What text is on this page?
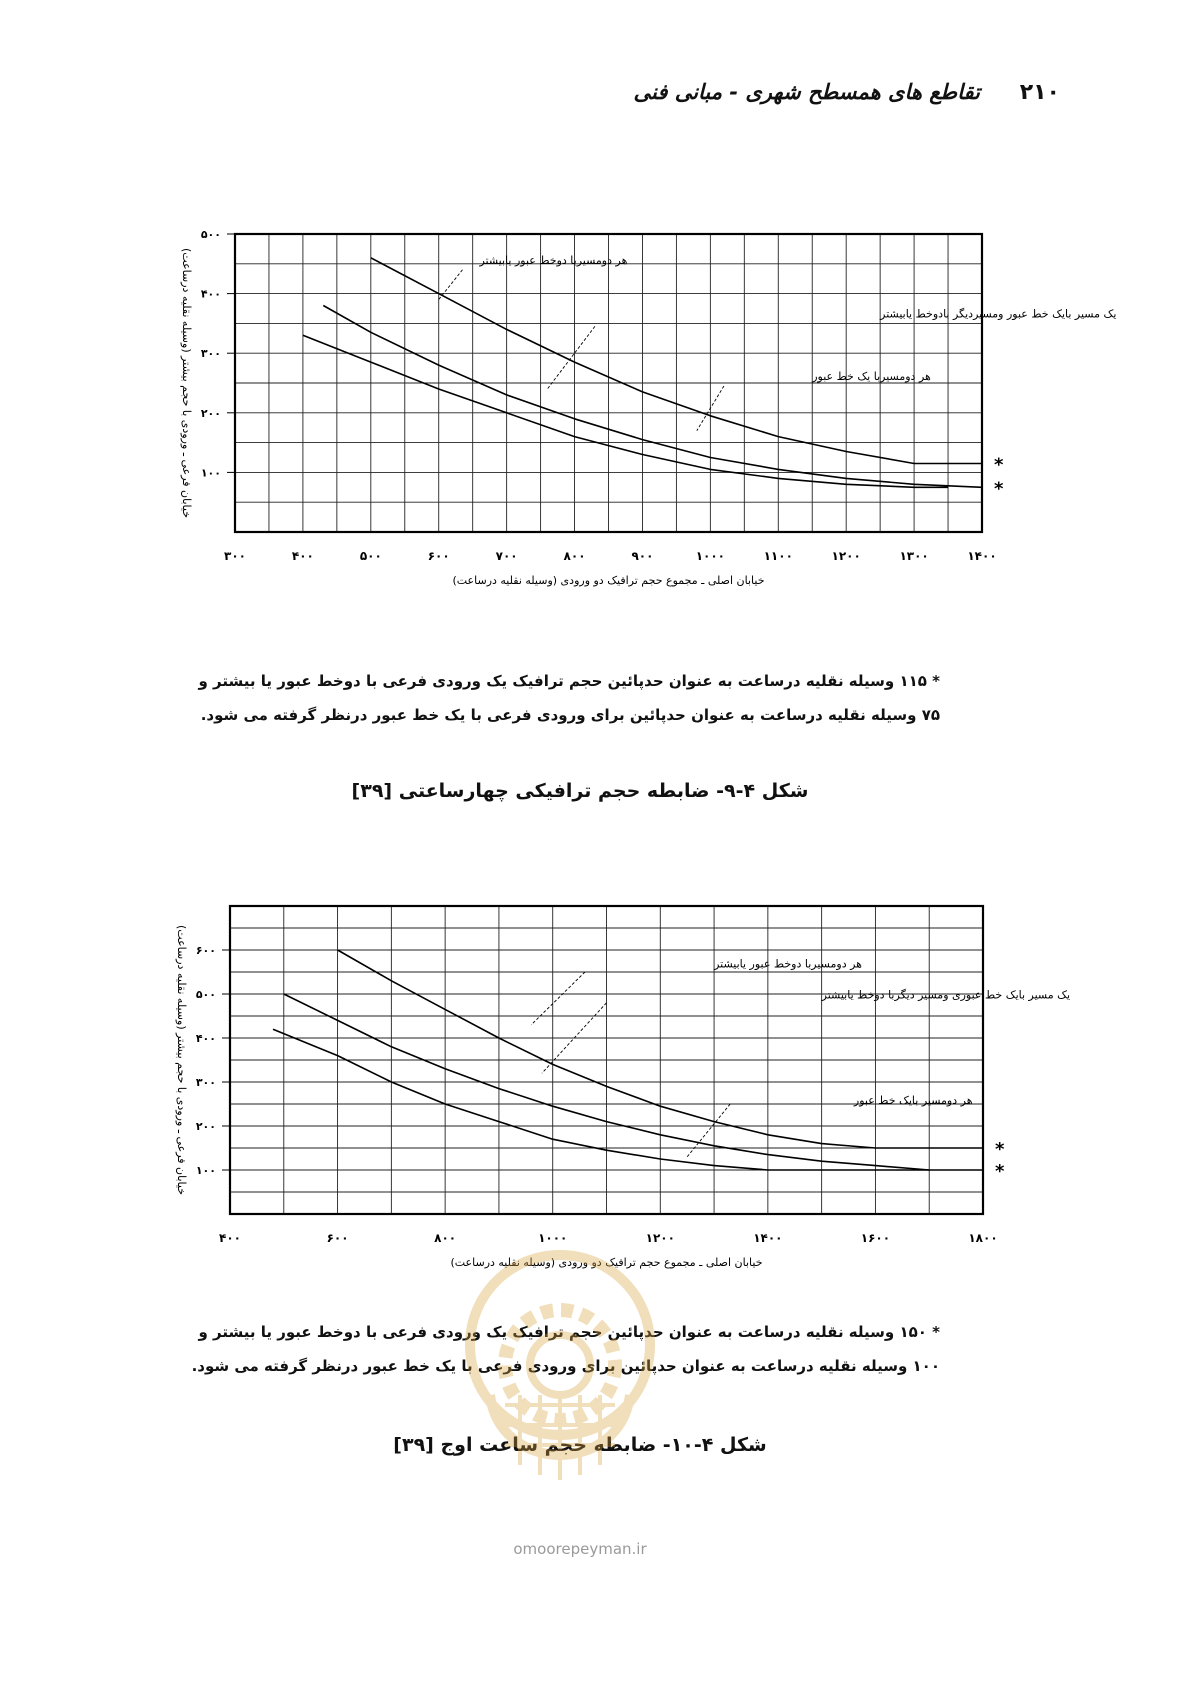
۲۱۰
تقاطع های همسطح شهری - مبانی فنی
۳۰۰	۴۰۰	۵۰۰	۶۰۰	۷۰۰	۸۰۰	۹۰۰	۱۰۰۰	۱۱۰۰	۱۲۰۰	۱۳۰۰	۱۴۰۰
۱۰۰
۲۰۰
۳۰۰
۴۰۰
۵۰۰
خیابان اصلی ـ مجموع حجم ترافیک دو ورودی (وسیله نقلیه درساعت)
خیابان فرعی ـ ورودی با حجم بیشتر (وسیله نقلیه درساعت)	هر دومسیربا دوخط عبور یابیشتر
یک مسیر بایک خط عبور ومسیردیگر بادوخط یابیشتر
هر دومسیربا یک خط عبور
*
*
* ۱۱۵ وسیله نقلیه درساعت به عنوان حدپائین حجم ترافیک یک ورودی فرعی با دوخط عبور یا بیشتر و
۷۵ وسیله نقلیه درساعت به عنوان حدپائین برای ورودی فرعی با یک خط عبور درنظر گرفته می شود.
شکل ۴-۹- ضابطه حجم ترافیکی چهارساعتی [۳۹]
۴۰۰	۶۰۰	۸۰۰	۱۰۰۰	۱۲۰۰	۱۴۰۰	۱۶۰۰	۱۸۰۰
۱۰۰
۲۰۰
۳۰۰
۴۰۰
۵۰۰
۶۰۰
خیابان اصلی ـ مجموع حجم ترافیک دو ورودی (وسیله نقلیه درساعت)
خیابان فرعی ـ ورودی با حجم بیشتر (وسیله نقلیه درساعت)	هر دومسیربا دوخط عبور یابیشتر
یک مسیر بایک خط عبوری ومسیر دیگربا دوخط یابیشتر
هر دومسیر بایک خط عبور
*
*
* ۱۵۰ وسیله نقلیه درساعت به عنوان حدپائین حجم ترافیک یک ورودی فرعی با دوخط عبور یا بیشتر و
۱۰۰ وسیله نقلیه درساعت به عنوان حدپائین برای ورودی فرعی با یک خط عبور درنظر گرفته می شود.
شکل ۴-۱۰- ضابطه حجم ساعت اوج [۳۹]
omoorepeyman.ir
